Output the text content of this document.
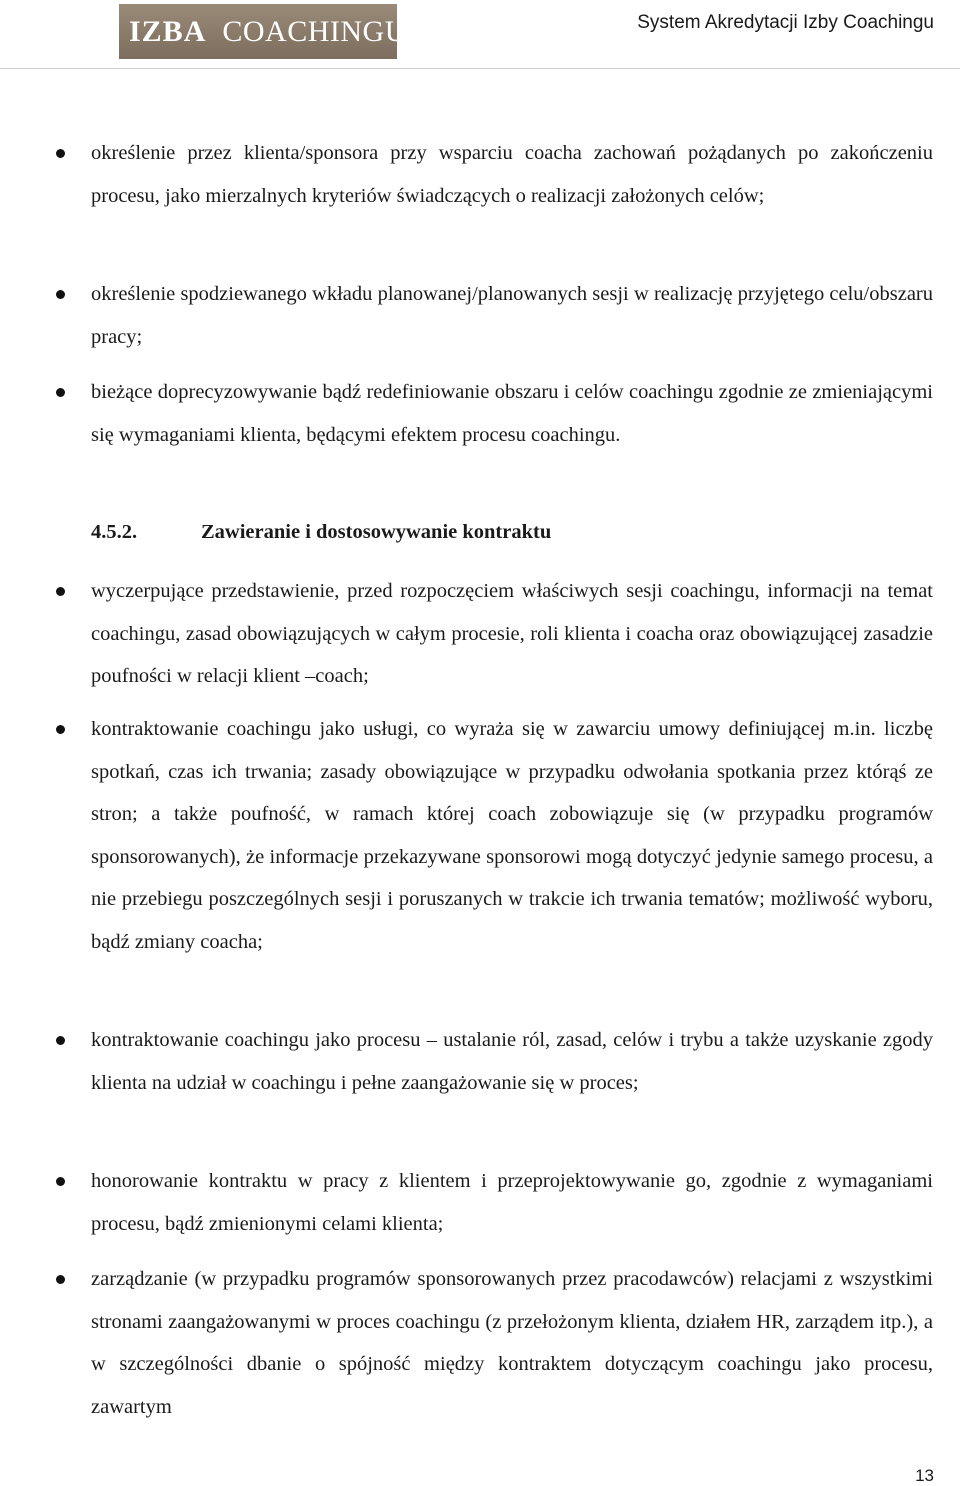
IZBA COACHINGU	System Akredytacji Izby Coachingu

określenie przez klienta/sponsora przy wsparciu coacha zachowań pożądanych po zakończeniu procesu, jako mierzalnych kryteriów świadczących o realizacji założonych celów;

określenie spodziewanego wkładu planowanej/planowanych sesji w realizację przyjętego celu/obszaru pracy;

bieżące doprecyzowywanie bądź redefiniowanie obszaru i celów coachingu zgodnie ze zmieniającymi się wymaganiami klienta, będącymi efektem procesu coachingu.

4.5.2.	Zawieranie i dostosowywanie kontraktu

wyczerpujące przedstawienie, przed rozpoczęciem właściwych sesji coachingu, informacji na temat coachingu, zasad obowiązujących w całym procesie, roli klienta i coacha oraz obowiązującej zasadzie poufności w relacji klient –coach;

kontraktowanie coachingu jako usługi, co wyraża się w zawarciu umowy definiującej m.in. liczbę spotkań, czas ich trwania; zasady obowiązujące w przypadku odwołania spotkania przez którąś ze stron; a także poufność, w ramach której coach zobowiązuje się (w przypadku programów sponsorowanych), że informacje przekazywane sponsorowi mogą dotyczyć jedynie samego procesu, a nie przebiegu poszczególnych sesji i poruszanych w trakcie ich trwania tematów; możliwość wyboru, bądź zmiany coacha;

kontraktowanie coachingu jako procesu – ustalanie ról, zasad, celów i trybu a także uzyskanie zgody klienta na udział w coachingu i pełne zaangażowanie się w proces;

honorowanie kontraktu w pracy z klientem i przeprojektowywanie go, zgodnie z wymaganiami procesu, bądź zmienionymi celami klienta;

zarządzanie (w przypadku programów sponsorowanych przez pracodawców) relacjami z wszystkimi stronami zaangażowanymi w proces coachingu (z przełożonym klienta, działem HR, zarządem itp.), a w szczególności dbanie o spójność między kontraktem dotyczącym coachingu jako procesu, zawartym

13
